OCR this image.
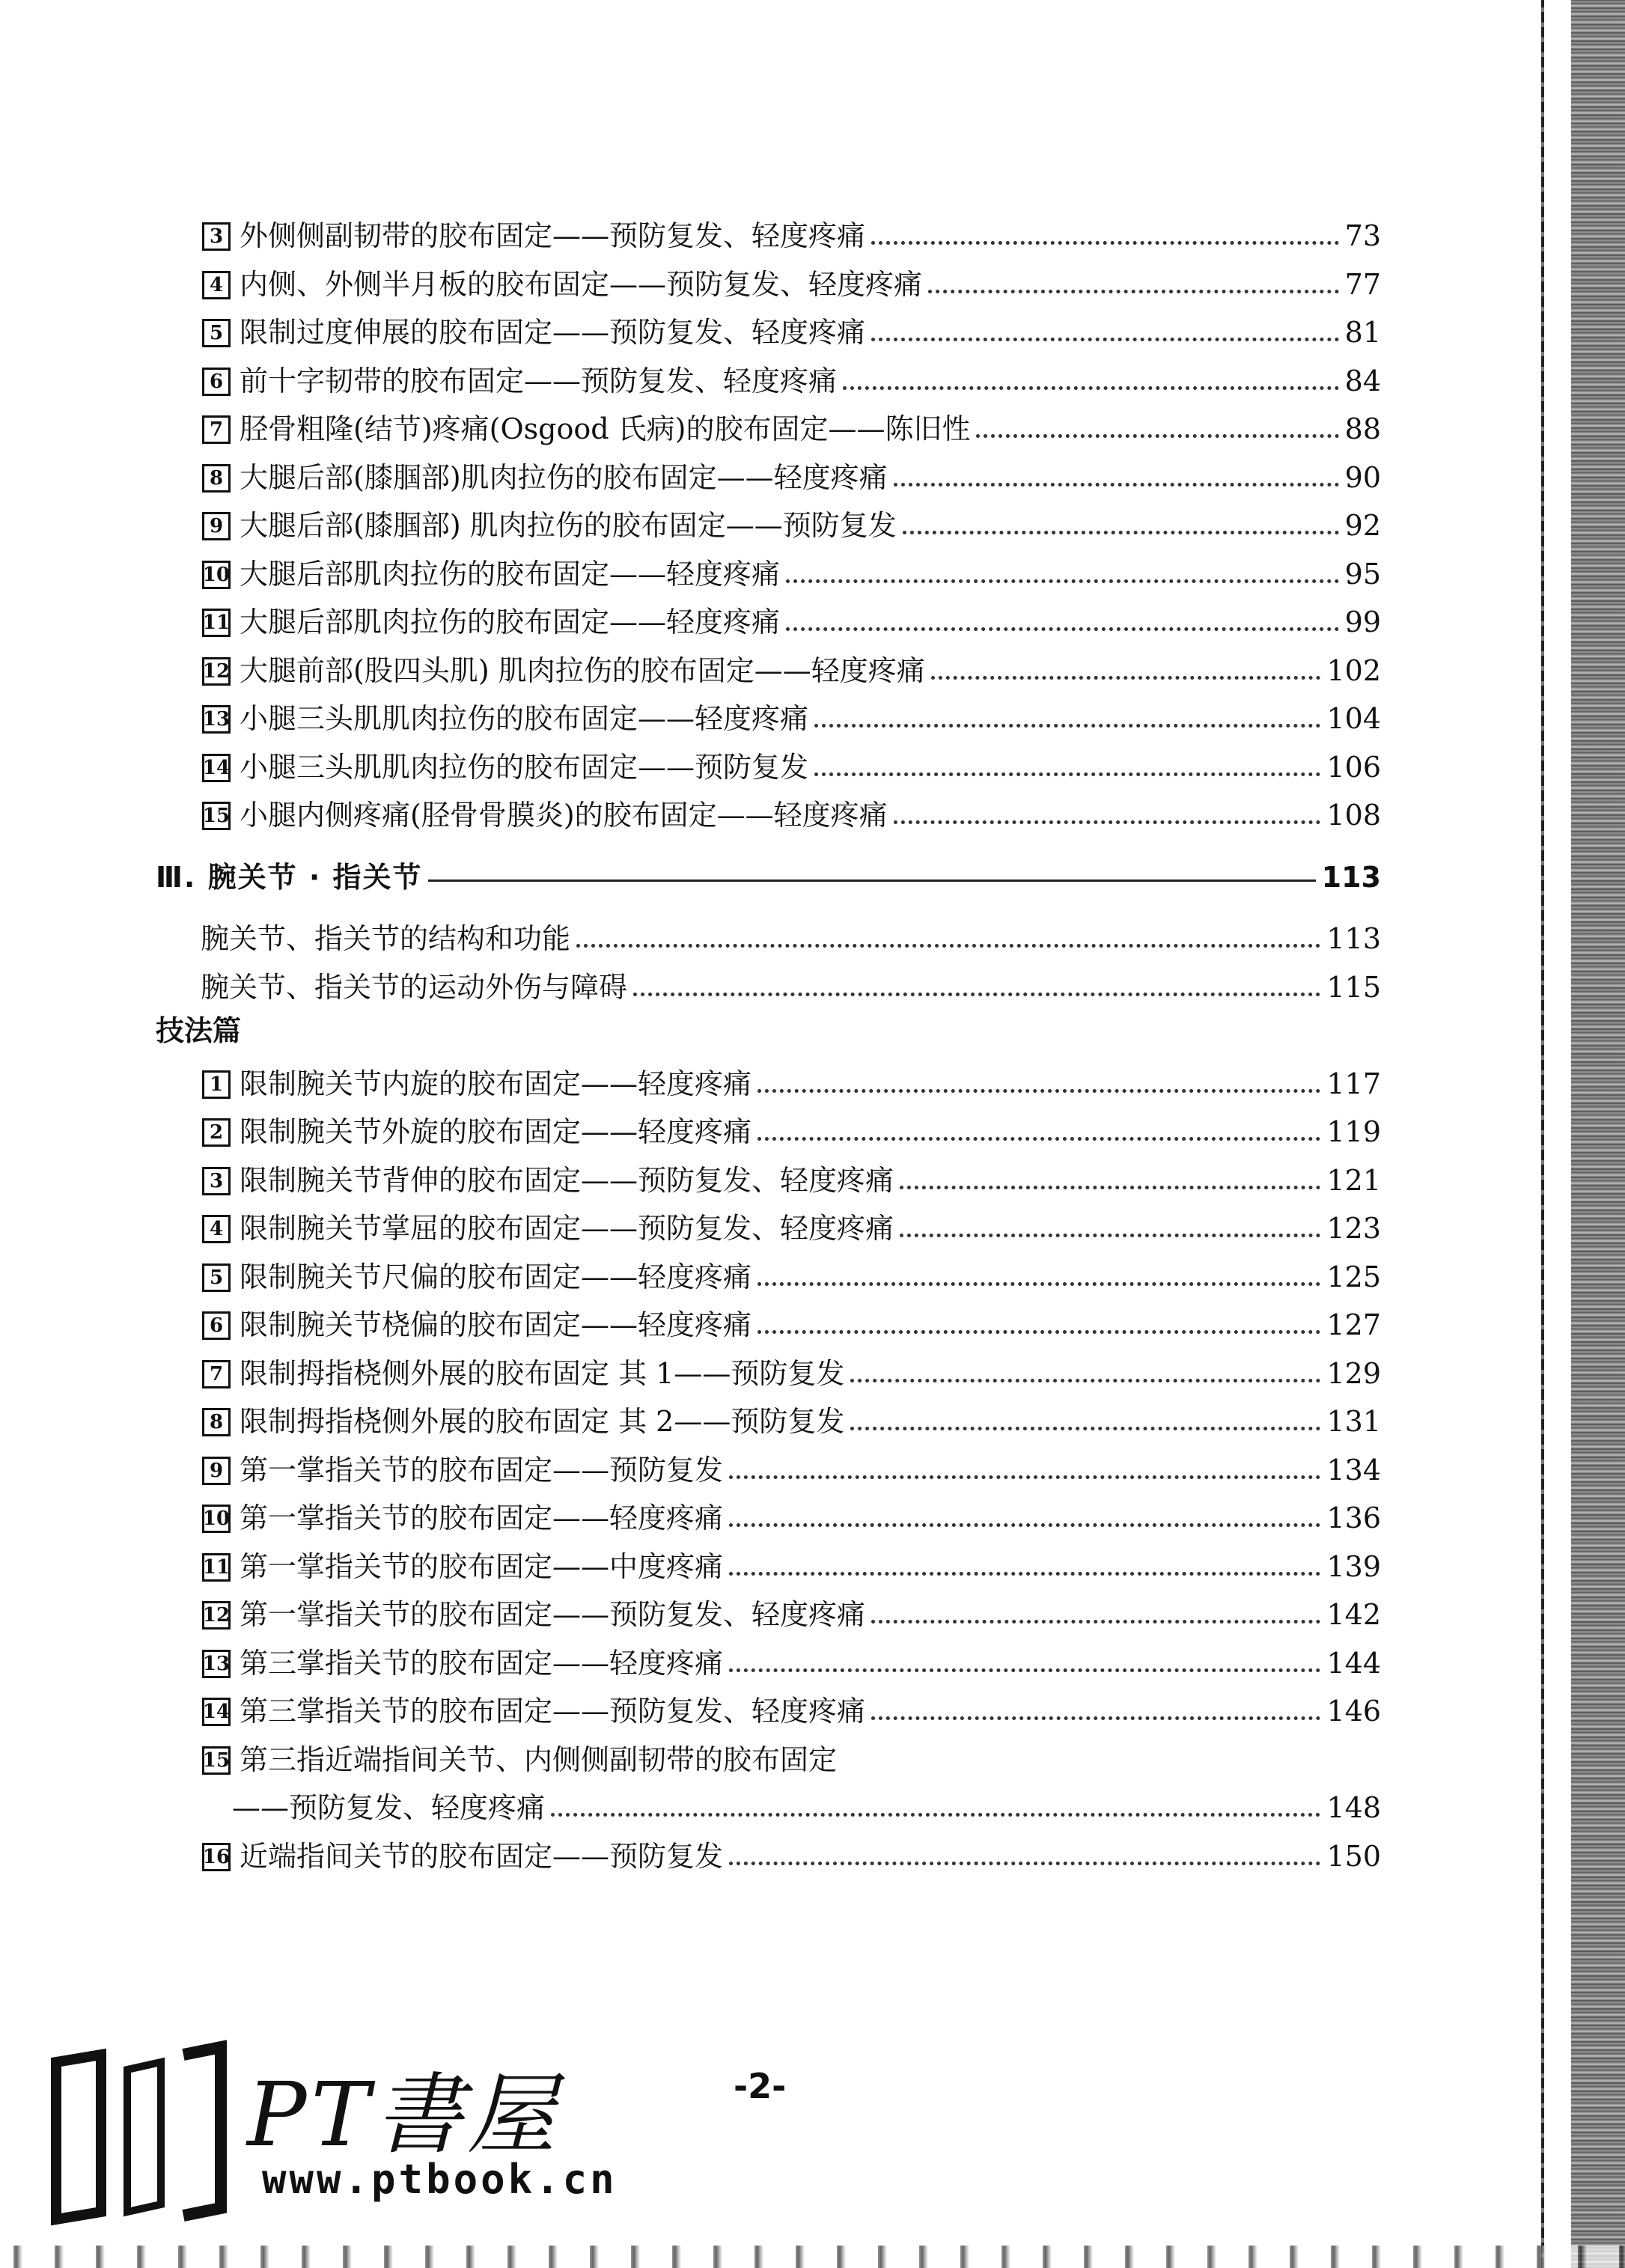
3 外侧侧副韧带的胶布固定——预防复发、轻度疼痛	73
4 内侧、外侧半月板的胶布固定——预防复发、轻度疼痛	77
5 限制过度伸展的胶布固定——预防复发、轻度疼痛	81
6 前十字韧带的胶布固定——预防复发、轻度疼痛	84
7 胫骨粗隆(结节)疼痛(Osgood 氏病)的胶布固定——陈旧性	88
8 大腿后部(膝腘部)肌肉拉伤的胶布固定——轻度疼痛	90
9 大腿后部(膝腘部) 肌肉拉伤的胶布固定——预防复发	92
10 大腿后部肌肉拉伤的胶布固定——轻度疼痛	95
11 大腿后部肌肉拉伤的胶布固定——轻度疼痛	99
12 大腿前部(股四头肌) 肌肉拉伤的胶布固定——轻度疼痛	102
13 小腿三头肌肌肉拉伤的胶布固定——轻度疼痛	104
14 小腿三头肌肌肉拉伤的胶布固定——预防复发	106
15 小腿内侧疼痛(胫骨骨膜炎)的胶布固定——轻度疼痛	108
Ⅲ. 腕关节 · 指关节	113
腕关节、指关节的结构和功能	113
腕关节、指关节的运动外伤与障碍	115
技法篇
1 限制腕关节内旋的胶布固定——轻度疼痛	117
2 限制腕关节外旋的胶布固定——轻度疼痛	119
3 限制腕关节背伸的胶布固定——预防复发、轻度疼痛	121
4 限制腕关节掌屈的胶布固定——预防复发、轻度疼痛	123
5 限制腕关节尺偏的胶布固定——轻度疼痛	125
6 限制腕关节桡偏的胶布固定——轻度疼痛	127
7 限制拇指桡侧外展的胶布固定 其 1——预防复发	129
8 限制拇指桡侧外展的胶布固定 其 2——预防复发	131
9 第一掌指关节的胶布固定——预防复发	134
10 第一掌指关节的胶布固定——轻度疼痛	136
11 第一掌指关节的胶布固定——中度疼痛	139
12 第一掌指关节的胶布固定——预防复发、轻度疼痛	142
13 第三掌指关节的胶布固定——轻度疼痛	144
14 第三掌指关节的胶布固定——预防复发、轻度疼痛	146
15 第三指近端指间关节、内侧侧副韧带的胶布固定
——预防复发、轻度疼痛	148
16 近端指间关节的胶布固定——预防复发	150
PT書屋
www.ptbook.cn
-2-
